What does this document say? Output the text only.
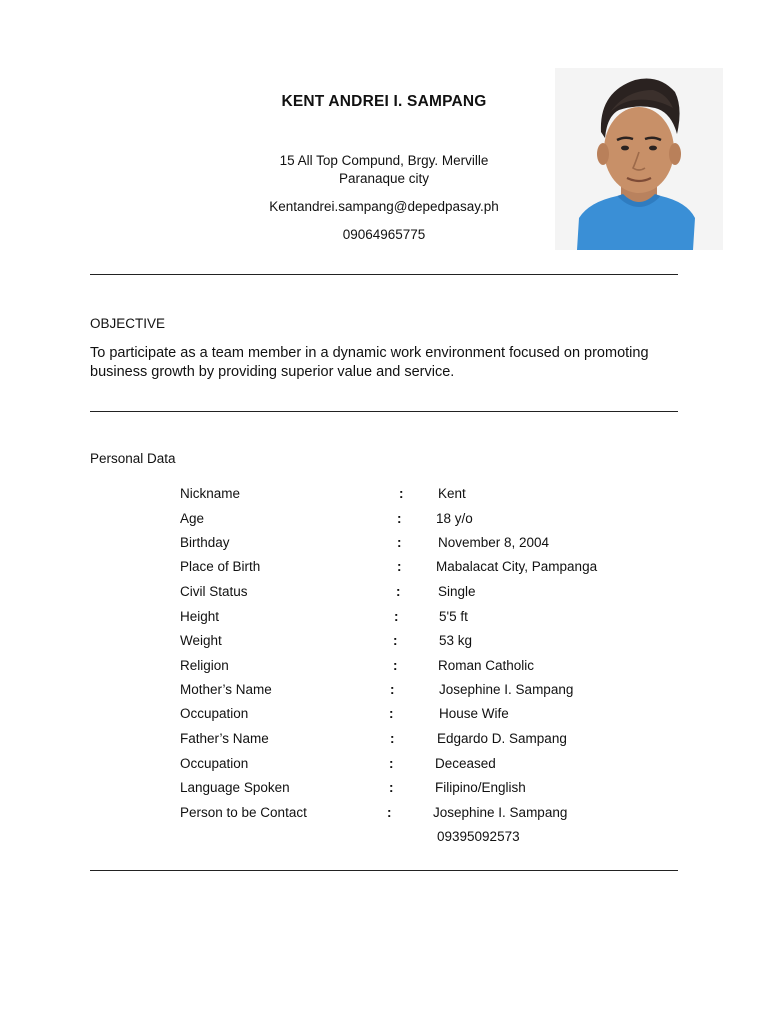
KENT ANDREI I. SAMPANG
15 All Top Compund, Brgy. Merville
Paranaque city
Kentandrei.sampang@depedpasay.ph
09064965775
OBJECTIVE
To participate as a team member in a dynamic work environment focused on promoting business growth by providing superior value and service.
Personal Data
Nickname	:	Kent
Age	:	18 y/o
Birthday	:	November 8, 2004
Place of Birth	:	Mabalacat City, Pampanga
Civil Status	:	Single
Height	:	5'5 ft
Weight	:	53 kg
Religion	:	Roman Catholic
Mother’s Name	:	Josephine I. Sampang
Occupation	:	House Wife
Father’s Name	:	Edgardo D. Sampang
Occupation	:	Deceased
Language Spoken	:	Filipino/English
Person to be Contact	:	Josephine I. Sampang
09395092573
